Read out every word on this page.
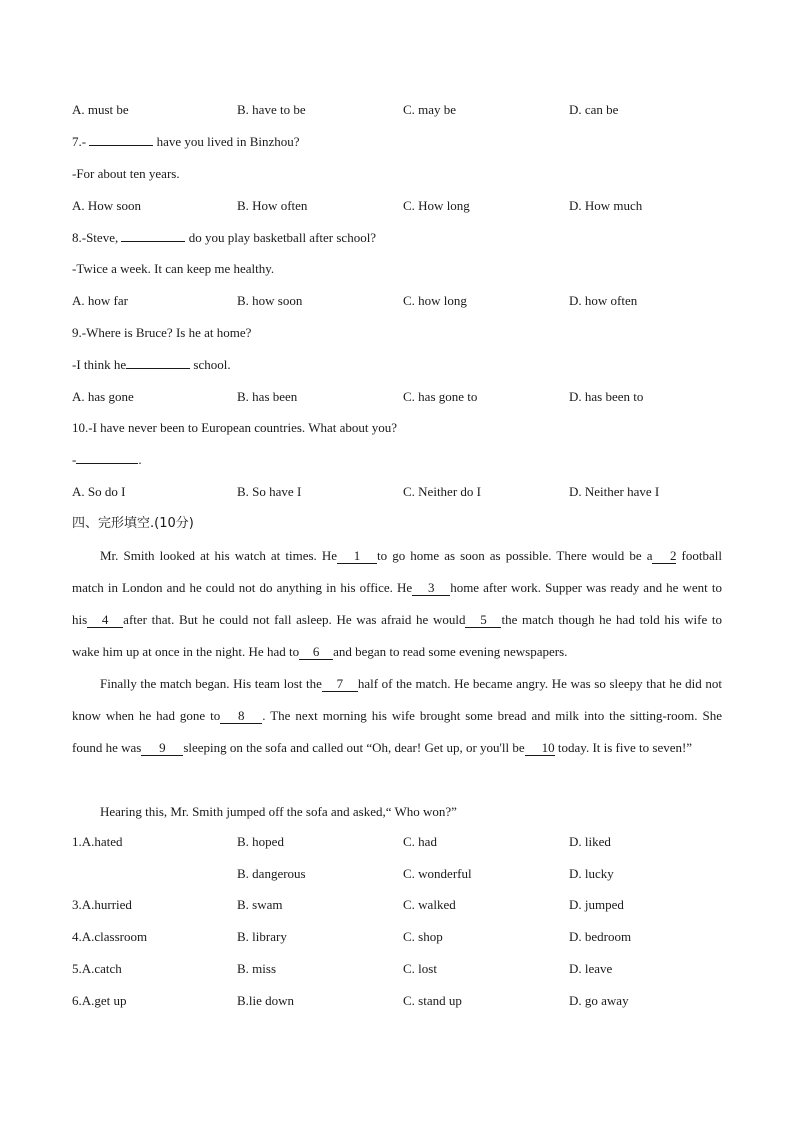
A. must be	B. have to be	C. may be	D. can be
7.-	have you lived in Binzhou?
-For about ten years.
A. How soon	B. How often	C. How long	D. How much
8.-Steve,	do you play basketball after school?
-Twice a week. It can keep me healthy.
A. how far	B. how soon	C. how long	D. how often
9.-Where is Bruce? Is he at home?
-I think he	school.
A. has gone	B. has been	C. has gone to	D. has been to
10.-I have never been to European countries. What about you?
-	.
A. So do I	B. So have I	C. Neither do I	D. Neither have I
四、完形填空.(10分)
Mr. Smith looked at his watch at times. He 1 to go home as soon as possible. There would be a 2 football match in London and he could not do anything in his office. He 3 home after work. Supper was ready and he went to his 4 after that. But he could not fall asleep. He was afraid he would 5 the match though he had told his wife to wake him up at once in the night. He had to 6 and began to read some evening newspapers.
Finally the match began. His team lost the 7 half of the match. He became angry. He was so sleepy that he did not know when he had gone to 8 . The next morning his wife brought some bread and milk into the sitting-room. She found he was 9 sleeping on the sofa and called out “Oh, dear! Get up, or you'll be 10 today. It is five to seven!”
Hearing this, Mr. Smith jumped off the sofa and asked,“ Who won?”
1.A.hated	B. hoped	C. had	D. liked
B. dangerous	C. wonderful	D. lucky
3.A.hurried	B. swam	C. walked	D. jumped
4.A.classroom	B. library	C. shop	D. bedroom
5.A.catch	B. miss	C. lost	D. leave
6.A.get up	B.lie down	C. stand up	D. go away
